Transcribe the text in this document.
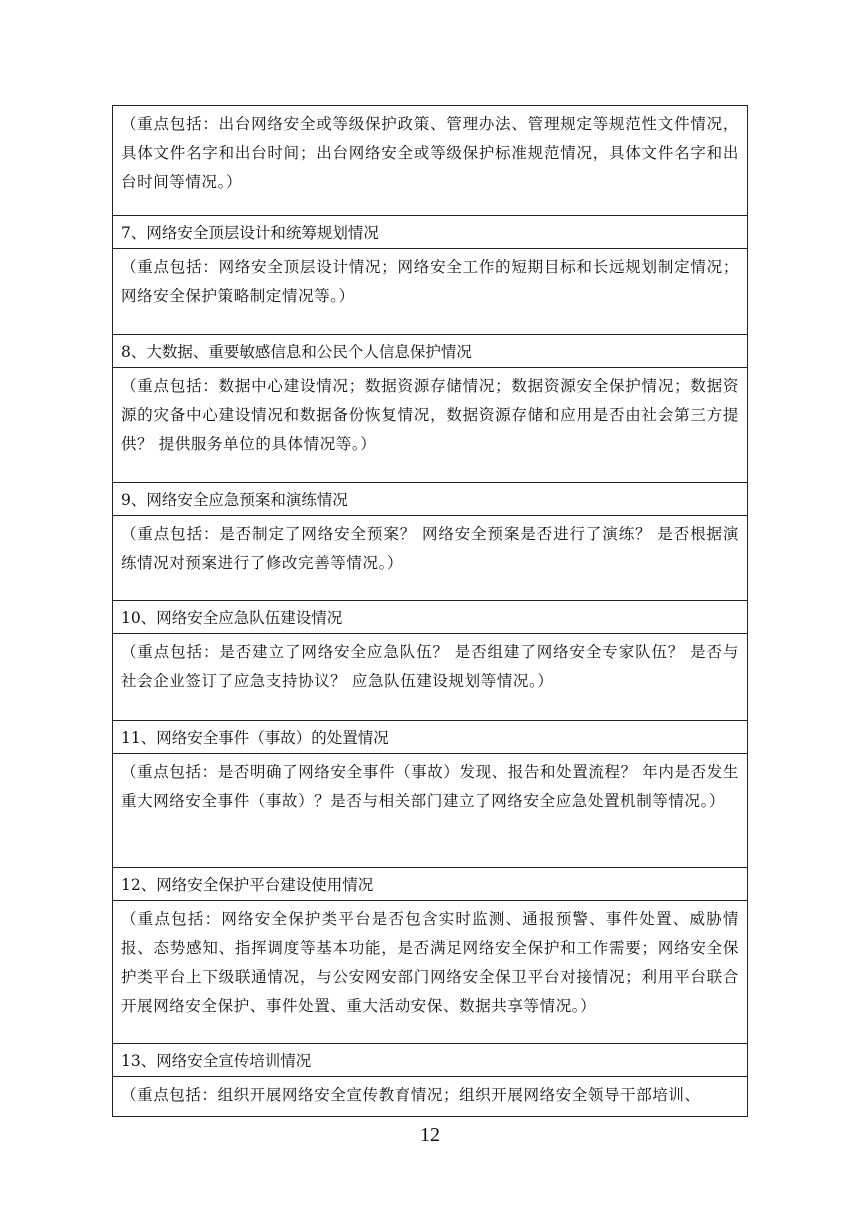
（重点包括：出台网络安全或等级保护政策、管理办法、管理规定等规范性文件情况，具体文件名字和出台时间；出台网络安全或等级保护标准规范情况，具体文件名字和出台时间等情况。）
7、网络安全顶层设计和统筹规划情况
（重点包括：网络安全顶层设计情况；网络安全工作的短期目标和长远规划制定情况；网络安全保护策略制定情况等。）
8、大数据、重要敏感信息和公民个人信息保护情况
（重点包括：数据中心建设情况；数据资源存储情况；数据资源安全保护情况；数据资源的灾备中心建设情况和数据备份恢复情况，数据资源存储和应用是否由社会第三方提供？ 提供服务单位的具体情况等。）
9、网络安全应急预案和演练情况
（重点包括：是否制定了网络安全预案？ 网络安全预案是否进行了演练？ 是否根据演练情况对预案进行了修改完善等情况。）
10、网络安全应急队伍建设情况
（重点包括：是否建立了网络安全应急队伍？ 是否组建了网络安全专家队伍？ 是否与社会企业签订了应急支持协议？ 应急队伍建设规划等情况。）
11、网络安全事件（事故）的处置情况
（重点包括：是否明确了网络安全事件（事故）发现、报告和处置流程？ 年内是否发生重大网络安全事件（事故）？是否与相关部门建立了网络安全应急处置机制等情况。）
12、网络安全保护平台建设使用情况
（重点包括：网络安全保护类平台是否包含实时监测、通报预警、事件处置、威胁情报、态势感知、指挥调度等基本功能，是否满足网络安全保护和工作需要；网络安全保护类平台上下级联通情况，与公安网安部门网络安全保卫平台对接情况；利用平台联合开展网络安全保护、事件处置、重大活动安保、数据共享等情况。）
13、网络安全宣传培训情况
（重点包括：组织开展网络安全宣传教育情况；组织开展网络安全领导干部培训、
12
